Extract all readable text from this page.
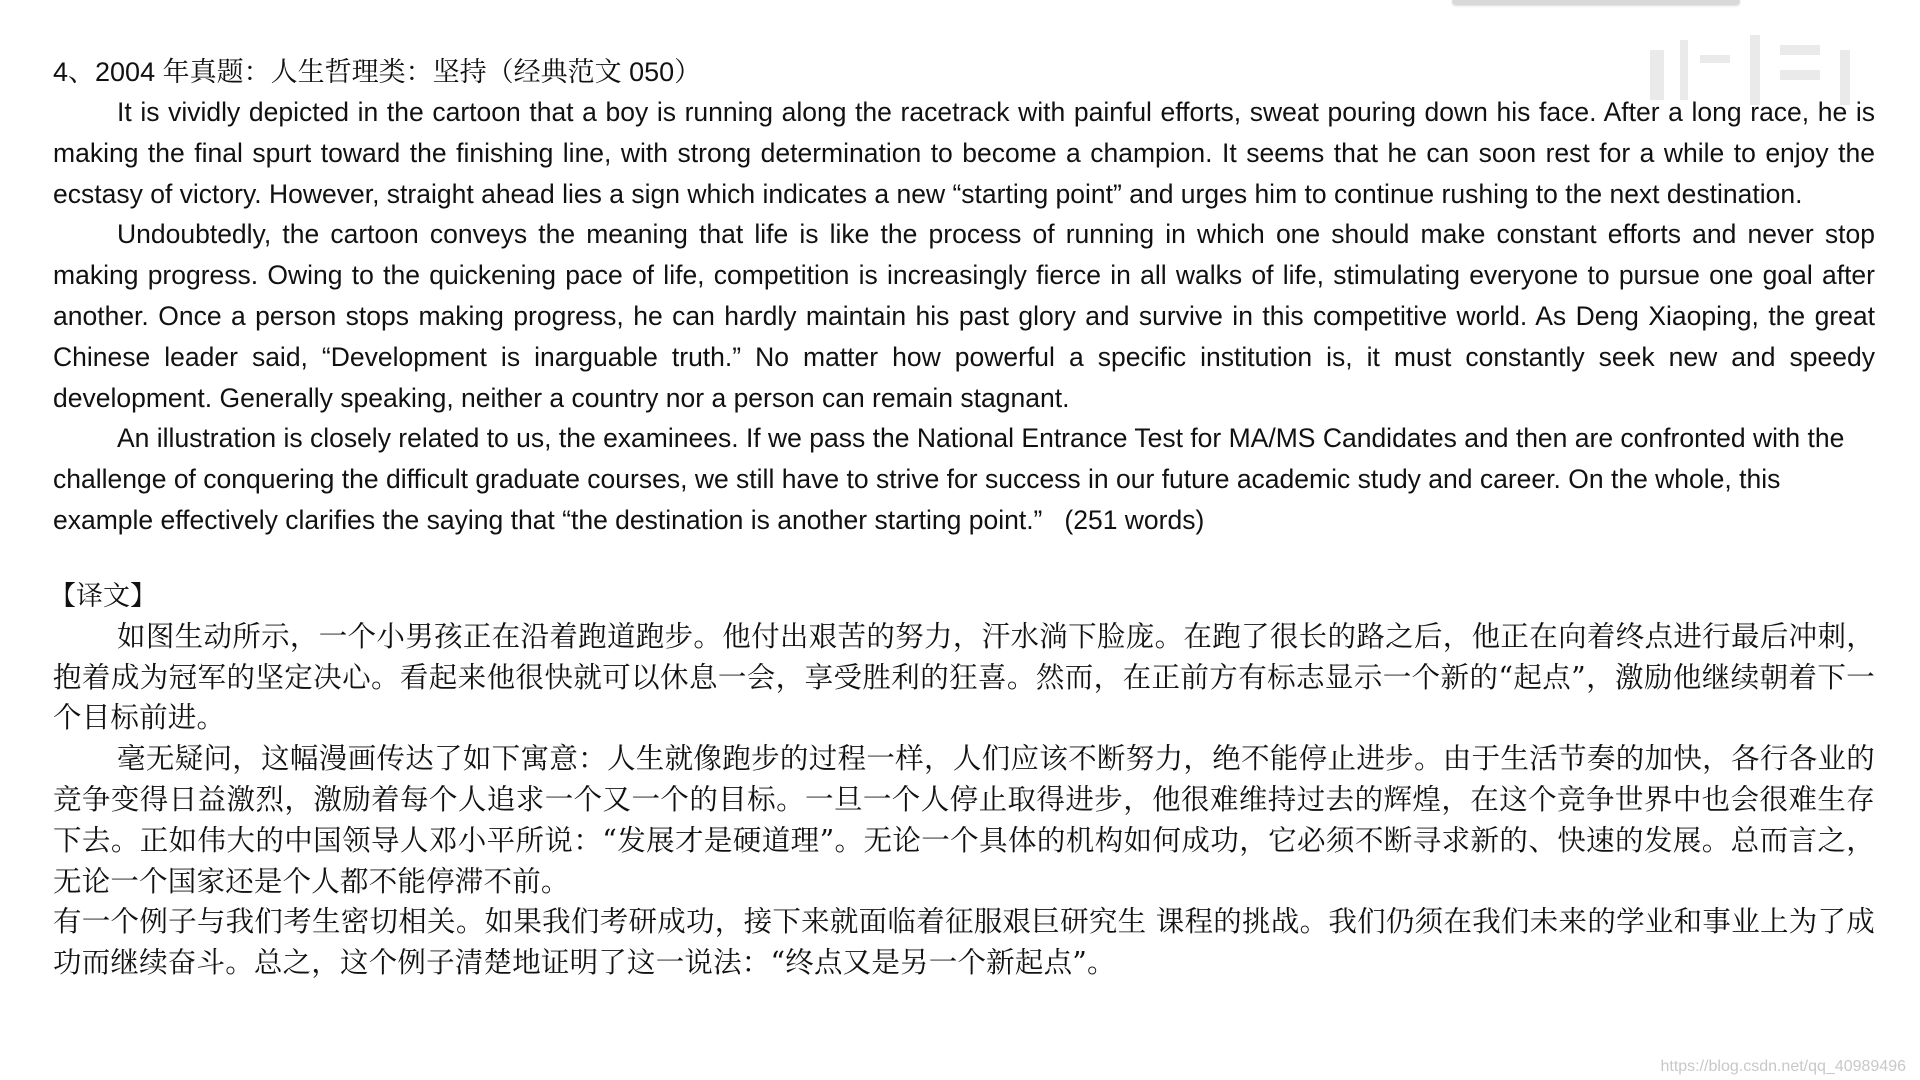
4、2004 年真题：人生哲理类：坚持（经典范文 050）

It is vividly depicted in the cartoon that a boy is running along the racetrack with painful efforts, sweat pouring down his face. After a long race, he is making the final spurt toward the finishing line, with strong determination to become a champion. It seems that he can soon rest for a while to enjoy the ecstasy of victory. However, straight ahead lies a sign which indicates a new “starting point” and urges him to continue rushing to the next destination.

Undoubtedly, the cartoon conveys the meaning that life is like the process of running in which one should make constant efforts and never stop making progress. Owing to the quickening pace of life, competition is increasingly fierce in all walks of life, stimulating everyone to pursue one goal after another. Once a person stops making progress, he can hardly maintain his past glory and survive in this competitive world. As Deng Xiaoping, the great Chinese leader said, “Development is inarguable truth.” No matter how powerful a specific institution is, it must constantly seek new and speedy development. Generally speaking, neither a country nor a person can remain stagnant.

An illustration is closely related to us, the examinees. If we pass the National Entrance Test for MA/MS Candidates and then are confronted with the challenge of conquering the difficult graduate courses, we still have to strive for success in our future academic study and career. On the whole, this example effectively clarifies the saying that “the destination is another starting point.” (251 words)

【译文】

如图生动所示，一个小男孩正在沿着跑道跑步。他付出艰苦的努力，汗水淌下脸庞。在跑了很长的路之后，他正在向着终点进行最后冲刺，抱着成为冠军的坚定决心。看起来他很快就可以休息一会，享受胜利的狂喜。然而，在正前方有标志显示一个新的“起点”，激励他继续朝着下一个目标前进。

毫无疑问，这幅漫画传达了如下寓意：人生就像跑步的过程一样，人们应该不断努力，绝不能停止进步。由于生活节奏的加快，各行各业的竞争变得日益激烈，激励着每个人追求一个又一个的目标。一旦一个人停止取得进步，他很难维持过去的辉煌，在这个竞争世界中也会很难生存下去。正如伟大的中国领导人邓小平所说：“发展才是硬道理”。无论一个具体的机构如何成功，它必须不断寻求新的、快速的发展。总而言之，无论一个国家还是个人都不能停滞不前。

有一个例子与我们考生密切相关。如果我们考研成功，接下来就面临着征服艰巨研究生 课程的挑战。我们仍须在我们未来的学业和事业上为了成功而继续奋斗。总之，这个例子清楚地证明了这一说法：“终点又是另一个新起点”。

https://blog.csdn.net/qq_40989496
